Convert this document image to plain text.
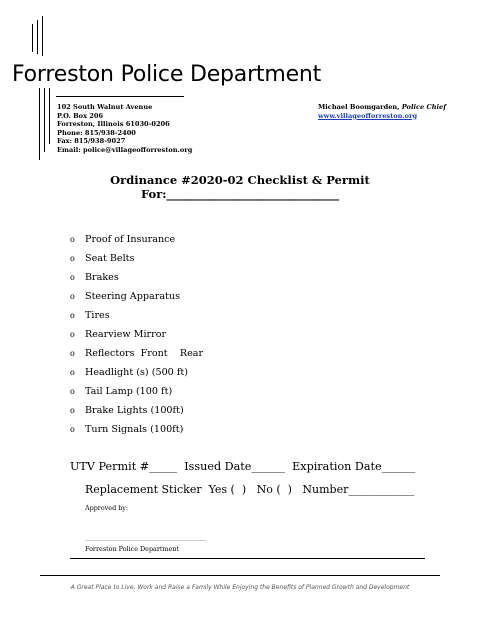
Forreston Police Department
102 South Walnut Avenue
P.O. Box 206
Forreston, Illinois 61030-0206
Phone: 815/938-2400
Fax: 815/938-9027
Email: police@villageofforreston.org
Michael Boomgarden, Police Chief
www.villageofforreston.org
Ordinance #2020-02 Checklist & Permit
For:______________________________
o	Proof of Insurance
o	Seat Belts
o	Brakes
o	Steering Apparatus
o	Tires
o	Rearview Mirror
o	Reflectors  Front    Rear
o	Headlight (s) (500 ft)
o	Tail Lamp (100 ft)
o	Brake Lights (100ft)
o	Turn Signals (100ft)
UTV Permit #_____  Issued Date______  Expiration Date______
Replacement Sticker  Yes (  )   No (  )   Number____________
Approved by:
______________________________________
Forreston Police Department
A Great Place to Live, Work and Raise a Family While Enjoying the Benefits of Planned Growth and Development
